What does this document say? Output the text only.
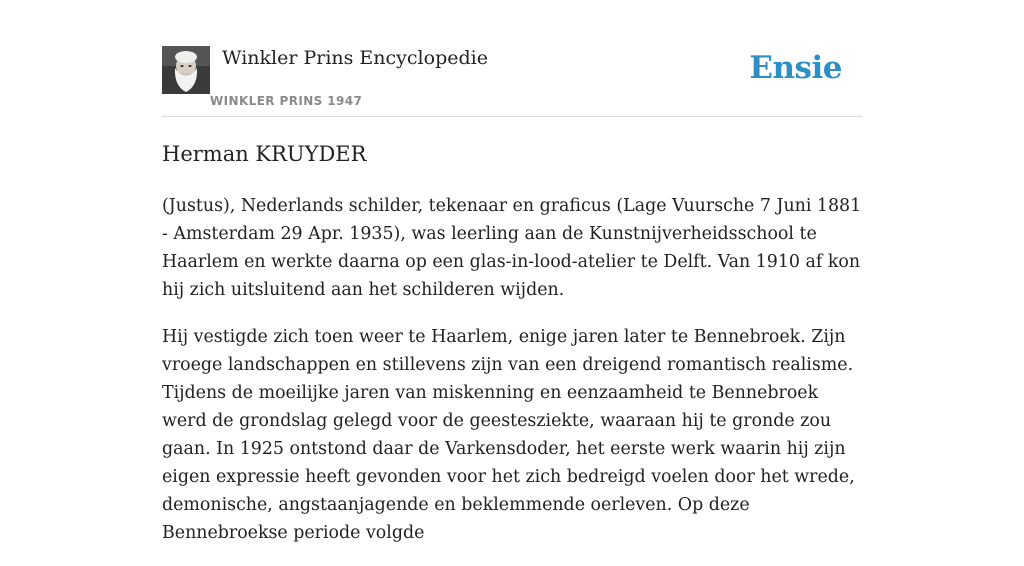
Winkler Prins Encyclopedie
WINKLER PRINS 1947
Ensie
Herman KRUYDER

(Justus), Nederlands schilder, tekenaar en graficus (Lage Vuursche 7 Juni 1881 - Amsterdam 29 Apr. 1935), was leerling aan de Kunstnijverheidsschool te Haarlem en werkte daarna op een glas-in-lood-atelier te Delft. Van 1910 af kon hij zich uitsluitend aan het schilderen wijden.

Hij vestigde zich toen weer te Haarlem, enige jaren later te Bennebroek. Zijn vroege landschappen en stillevens zijn van een dreigend romantisch realisme. Tijdens de moeilijke jaren van miskenning en eenzaamheid te Bennebroek werd de grondslag gelegd voor de geestesziekte, waaraan hij te gronde zou gaan. In 1925 ontstond daar de Varkensdoder, het eerste werk waarin hij zijn eigen expressie heeft gevonden voor het zich bedreigd voelen door het wrede, demonische, angstaanjagende en beklemmende oerleven. Op deze Bennebroekse periode volgde
